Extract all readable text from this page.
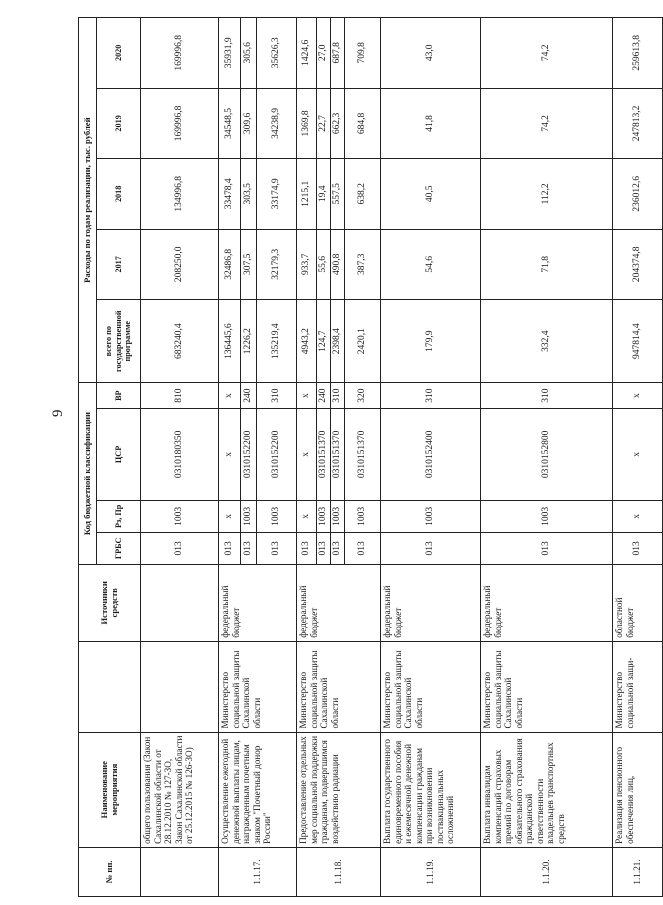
9
№ пп.	Наименование мероприятия		Источники средств	Код бюджетной классификации				Расходы по годам реализации, тыс. рублей				
				ГРБС	Рз, Пр	ЦСР	ВР	всего по государственной программе	2017	2018	2019	2020
	общего пользования (Закон Сахалинской области от 28.12.2010 № 127-ЗО, Закон Сахалинской области от 25.12.2015 № 126-ЗО)			013	1003	0310180350	810	683240,4	208250,0	134996,8	169996,8	169996,8
1.1.17.	Осуществление ежегодной денежной выплаты лицам, награжденным почетным знаком "Почетный донор России"	Министерство социальной защиты Сахалинской области	федеральный бюджет	013	х	х	х	136445,6	32486,8	33478,4	34548,5	35931,9
				013	1003	0310152200	240	1226,2	307,5	303,5	309,6	305,6
				013	1003	0310152200	310	135219,4	32179,3	33174,9	34238,9	35626,3
1.1.18.	Предоставление отдельных мер социальной поддержки гражданам, подвергшимся воздействию радиации	Министерство социальной защиты Сахалинской области	федеральный бюджет	013	х	х	х	4943,2	933,7	1215,1	1369,8	1424,6
				013	1003	0310151370	240	124,7	55,6	19,4	22,7	27,0
				013	1003	0310151370	310	2398,4	490,8	557,5	662,3	687,8
				013	1003	0310151370	320	2420,1	387,3	638,2	684,8	709,8
1.1.19.	Выплата государственного единовременного пособия и ежемесячной денежной компенсации гражданам при возникновении поствакцинальных осложнений	Министерство социальной защиты Сахалинской области	федеральный бюджет	013	1003	0310152400	310	179,9	54,6	40,5	41,8	43,0
1.1.20.	Выплата инвалидам компенсаций страховых премий по договорам обязательного страхования гражданской ответственности владельцев транспортных средств	Министерство социальной защиты Сахалинской области	федеральный бюджет	013	1003	0310152800	310	332,4	71,8	112,2	74,2	74,2
1.1.21.	Реализация пенсионного обеспечения лиц,	Министерство социальной защи-	областной бюджет	013	х	х	х	947814,4	204374,8	236012,6	247813,2	259613,8
